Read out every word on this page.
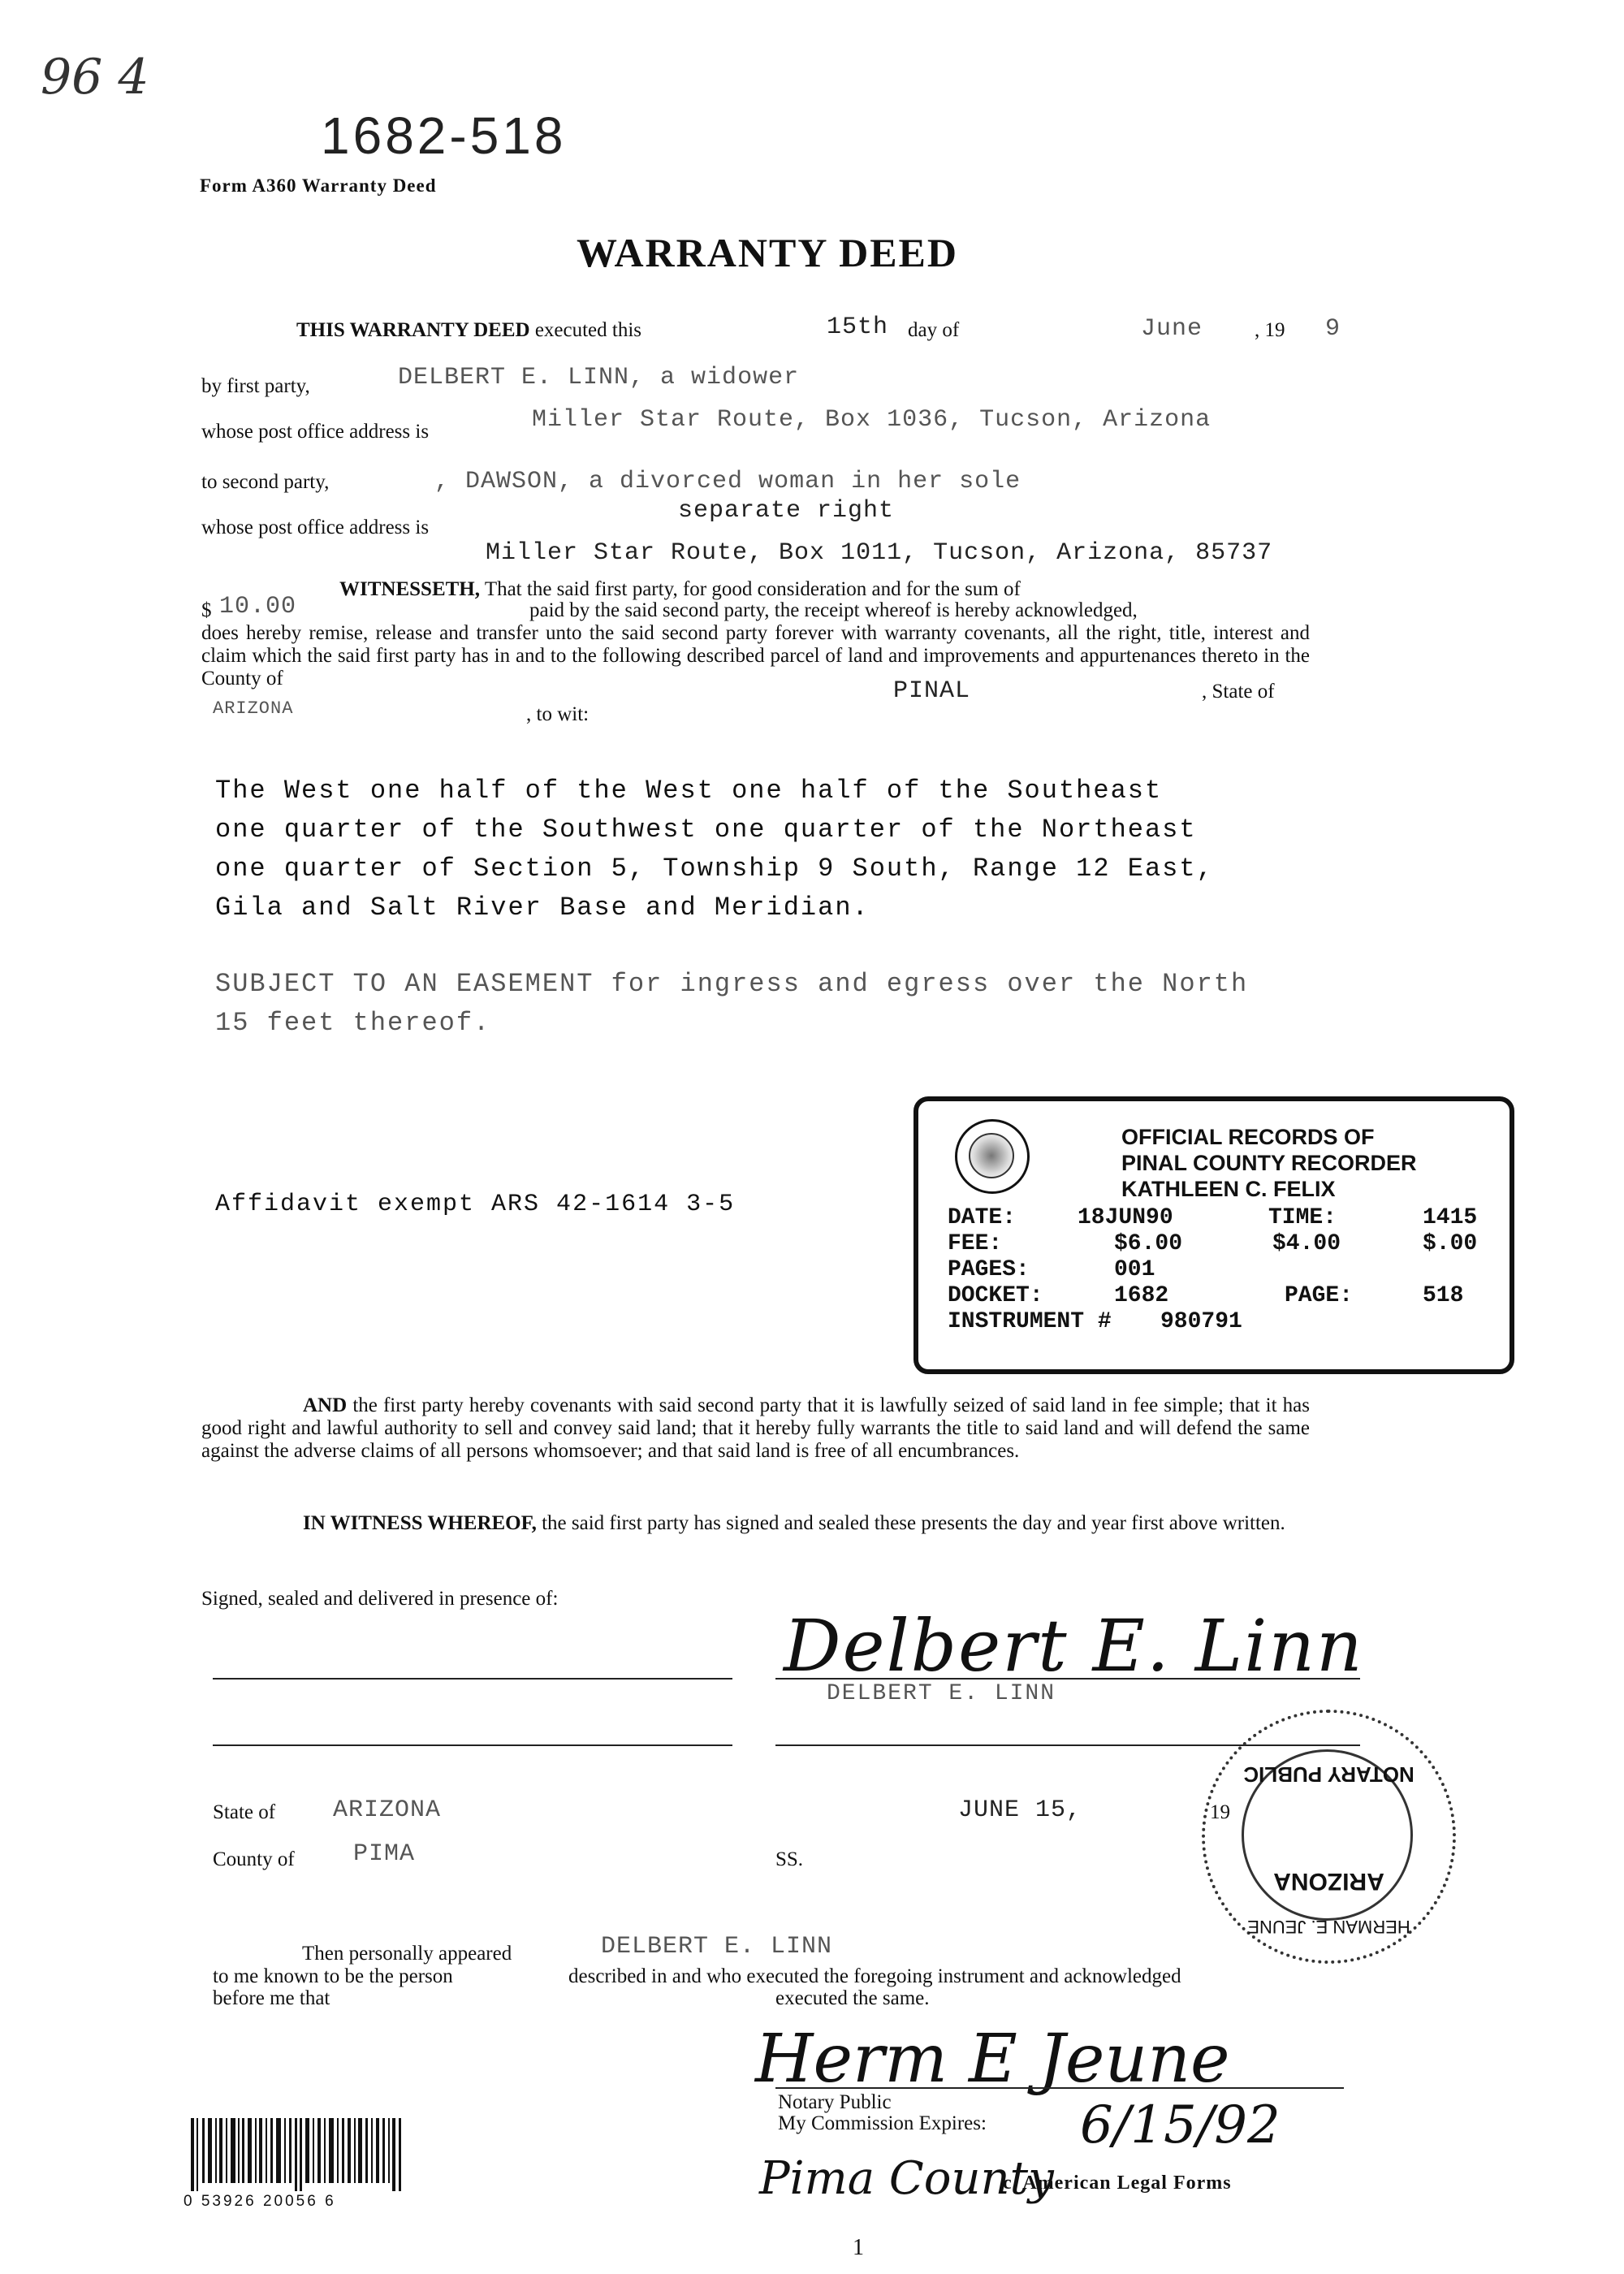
96 4
1682-518
Form A360 Warranty Deed
WARRANTY DEED
THIS WARRANTY DEED executed this	15th day of	June	, 19 9
by first party,	DELBERT E. LINN, a widower
whose post office address is	Miller Star Route, Box 1036, Tucson, Arizona
to second party,	, DAWSON, a divorced woman in her sole
separate right
whose post office address is
Miller Star Route, Box 1011, Tucson, Arizona, 85737
WITNESSETH, That the said first party, for good consideration and for the sum of
$ 10.00	paid by the said second party, the receipt whereof is hereby acknowledged,
does hereby remise, release and transfer unto the said second party forever with warranty covenants, all the right, title, interest and claim which the said first party has in and to the following described parcel of land and improvements and appurtenances thereto in the County of	PINAL	, State of
ARIZONA	, to wit:
The West one half of the West one half of the Southeast
one quarter of the Southwest one quarter of the Northeast
one quarter of Section 5, Township 9 South, Range 12 East,
Gila and Salt River Base and Meridian.
SUBJECT TO AN EASEMENT for ingress and egress over the North
15 feet thereof.
Affidavit exempt ARS 42-1614 3-5
OFFICIAL RECORDS OF
PINAL COUNTY RECORDER
KATHLEEN C. FELIX
DATE:	18JUN90	TIME:	1415
FEE:	$6.00	$4.00	$.00
PAGES:	001
DOCKET:	1682	PAGE:	518
INSTRUMENT # 980791
AND the first party hereby covenants with said second party that it is lawfully seized of said land in fee simple; that it has good right and lawful authority to sell and convey said land; that it hereby fully warrants the title to said land and will defend the same against the adverse claims of all persons whomsoever; and that said land is free of all encumbrances.
IN WITNESS WHEREOF, the said first party has signed and sealed these presents the day and year first above written.
Signed, sealed and delivered in presence of:
Delbert E. Linn
DELBERT E. LINN
NOTARY PUBLIC
ARIZONA
HERMAN E. JEUNE
State of ARIZONA	JUNE 15,	19
County of PIMA	SS.
Then personally appeared	DELBERT E. LINN
to me known to be the person	described in and who executed the foregoing instrument and acknowledged
before me that	executed the same.
Herm E Jeune
Notary Public
My Commission Expires: 6/15/92
Pima County
0 53926 20056 6
c. American Legal Forms
1
